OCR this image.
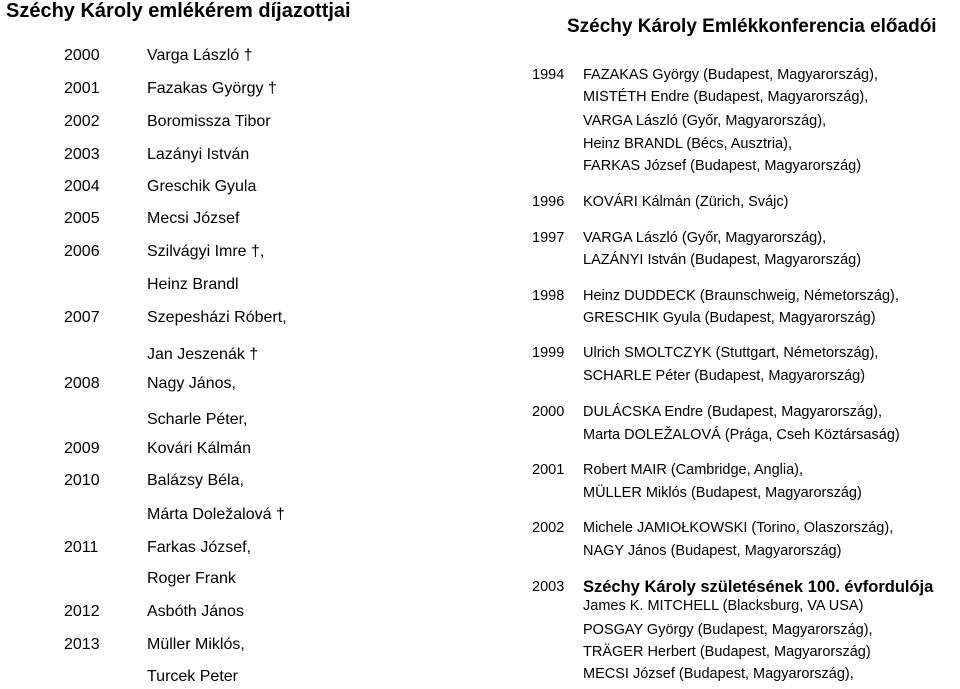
Széchy Károly emlékérem díjazottjai
2000	Varga László †
2001	Fazakas György †
2002	Boromissza Tibor
2003	Lazányi István
2004	Greschik Gyula
2005	Mecsi József
2006	Szilvágyi Imre †,
Heinz Brandl
2007	Szepesházi Róbert,
Jan Jeszenák †
2008	Nagy János,
Scharle Péter,
2009	Kovári Kálmán
2010	Balázsy Béla,
Márta Doležalová †
2011	Farkas József,
Roger Frank
2012	Asbóth János
2013	Müller Miklós,
Turcek Peter
Széchy Károly Emlékkonferencia előadói
1994 FAZAKAS György (Budapest, Magyarország),
MISTÉTH Endre (Budapest, Magyarország),
VARGA László (Győr, Magyarország),
Heinz BRANDL (Bécs, Ausztria),
FARKAS József (Budapest, Magyarország)
1996 KOVÁRI Kálmán (Zürich, Svájc)
1997 VARGA László (Győr, Magyarország),
LAZÁNYI István (Budapest, Magyarország)
1998 Heinz DUDDECK (Braunschweig, Németország),
GRESCHIK Gyula (Budapest, Magyarország)
1999 Ulrich SMOLTCZYK (Stuttgart, Németország),
SCHARLE Péter (Budapest, Magyarország)
2000 DULÁCSKA Endre (Budapest, Magyarország),
Marta DOLEŽALOVÁ (Prága, Cseh Köztársaság)
2001 Robert MAIR (Cambridge, Anglia),
MÜLLER Miklós (Budapest, Magyarország)
2002 Michele JAMIOŁKOWSKI (Torino, Olaszország),
NAGY János (Budapest, Magyarország)
2003 Széchy Károly születésének 100. évfordulója
James K. MITCHELL (Blacksburg, VA USA)
POSGAY György (Budapest, Magyarország),
TRÄGER Herbert (Budapest, Magyarország)
MECSI József (Budapest, Magyarország),
